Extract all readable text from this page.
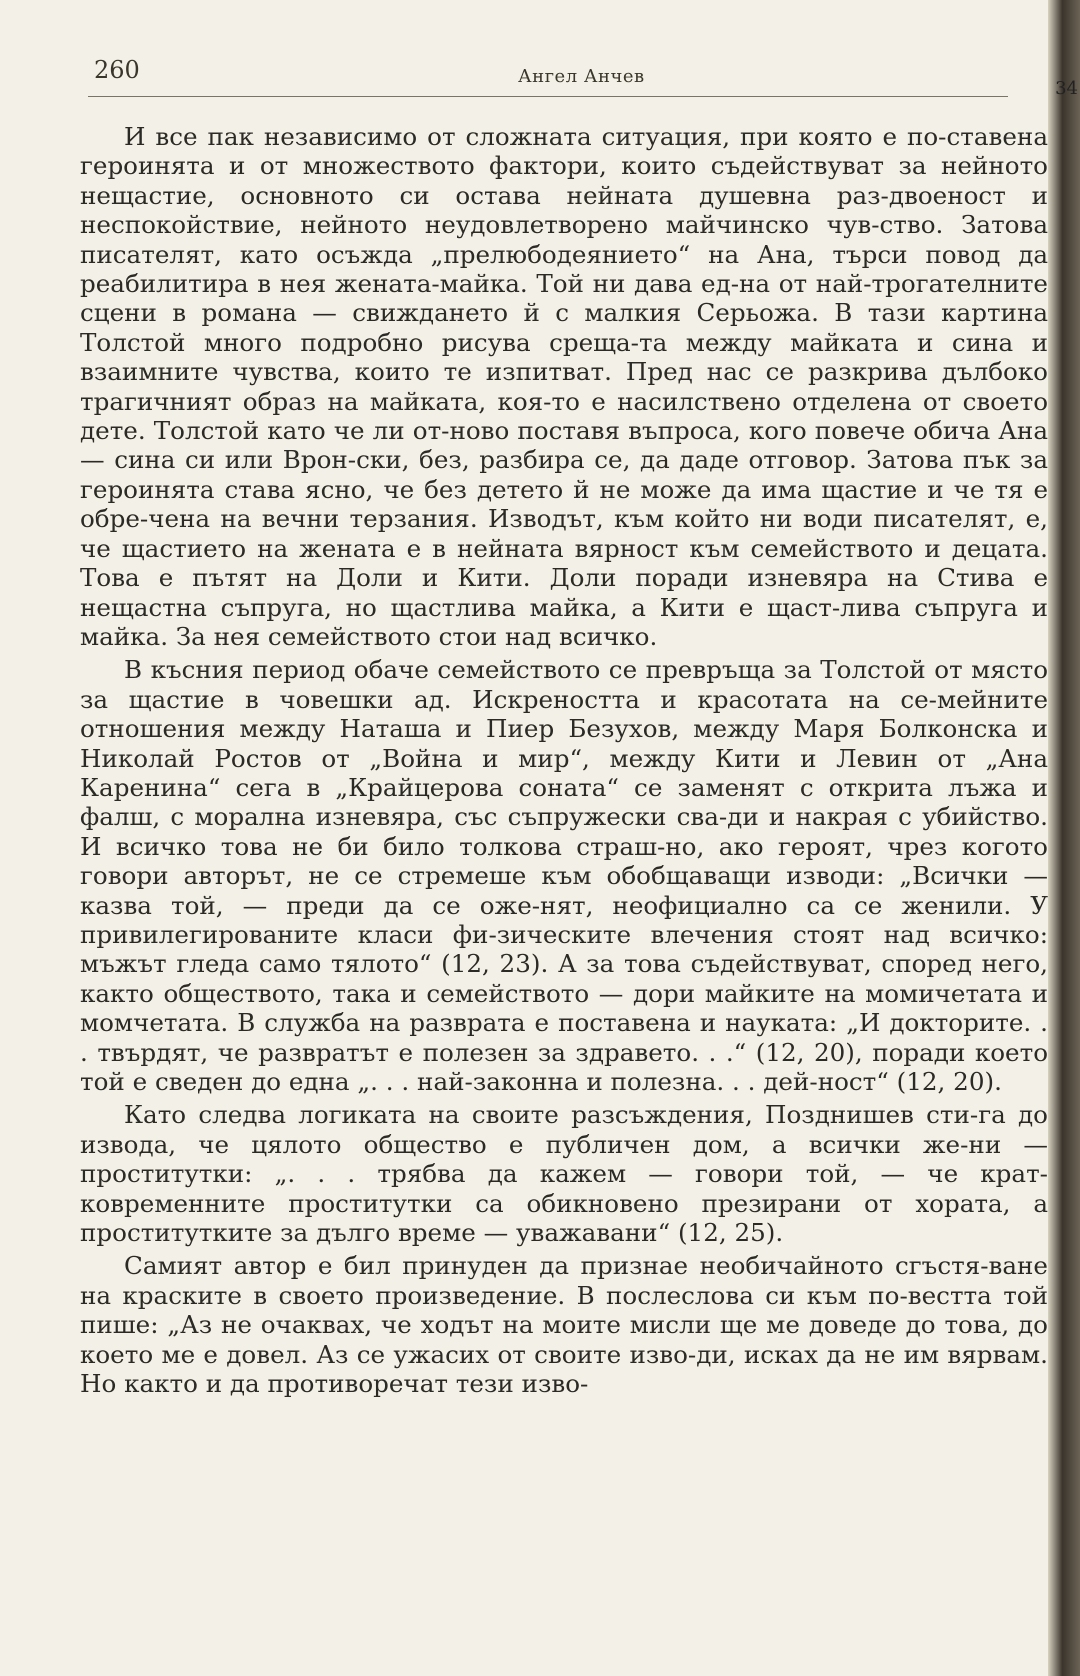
260	Ангел Анчев

И все пак независимо от сложната ситуация, при която е по-ставена героинята и от множеството фактори, които съдействуват за нейното нещастие, основното си остава нейната душевна раз-двоеност и неспокойствие, нейното неудовлетворено майчинско чув-ство. Затова писателят, като осъжда „прелюбодеянието“ на Ана, търси повод да реабилитира в нея жената-майка. Той ни дава ед-на от най-трогателните сцени в романа — свиждането й с малкия Серьожа. В тази картина Толстой много подробно рисува среща-та между майката и сина и взаимните чувства, които те изпитват. Пред нас се разкрива дълбоко трагичният образ на майката, коя-то е насилствено отделена от своето дете. Толстой като че ли от-ново поставя въпроса, кого повече обича Ана — сина си или Врон-ски, без, разбира се, да даде отговор. Затова пък за героинята става ясно, че без детето й не може да има щастие и че тя е обре-чена на вечни терзания. Изводът, към който ни води писателят, е, че щастието на жената е в нейната вярност към семейството и децата. Това е пътят на Доли и Кити. Доли поради изневяра на Стива е нещастна съпруга, но щастлива майка, а Кити е щаст-лива съпруга и майка. За нея семейството стои над всичко.

В късния период обаче семейството се превръща за Толстой от място за щастие в човешки ад. Искреността и красотата на се-мейните отношения между Наташа и Пиер Безухов, между Маря Болконска и Николай Ростов от „Война и мир“, между Кити и Левин от „Ана Каренина“ сега в „Крайцерова соната“ се заменят с открита лъжа и фалш, с морална изневяра, със съпружески сва-ди и накрая с убийство. И всичко това не би било толкова страш-но, ако героят, чрез когото говори авторът, не се стремеше към обобщаващи изводи: „Всички — казва той, — преди да се оже-нят, неофициално са се женили. У привилегированите класи фи-зическите влечения стоят над всичко: мъжът гледа само тялото“ (12, 23). А за това съдействуват, според него, както обществото, така и семейството — дори майките на момичетата и момчетата. В служба на разврата е поставена и науката: „И докторите. . . твърдят, че развратът е полезен за здравето. . .“ (12, 20), поради което той е сведен до една „. . . най-законна и полезна. . . дей-ност“ (12, 20).

Като следва логиката на своите разсъждения, Позднишев сти-га до извода, че цялото общество е публичен дом, а всички же-ни — проститутки: „. . . трябва да кажем — говори той, — че крат-ковременните проститутки са обикновено презирани от хората, а проститутките за дълго време — уважавани“ (12, 25).

Самият автор е бил принуден да признае необичайното сгъстя-ване на краските в своето произведение. В послеслова си към по-вестта той пише: „Аз не очаквах, че ходът на моите мисли ще ме доведе до това, до което ме е довел. Аз се ужасих от своите изво-ди, исках да не им вярвам. Но както и да противоречат тези изво-

34
